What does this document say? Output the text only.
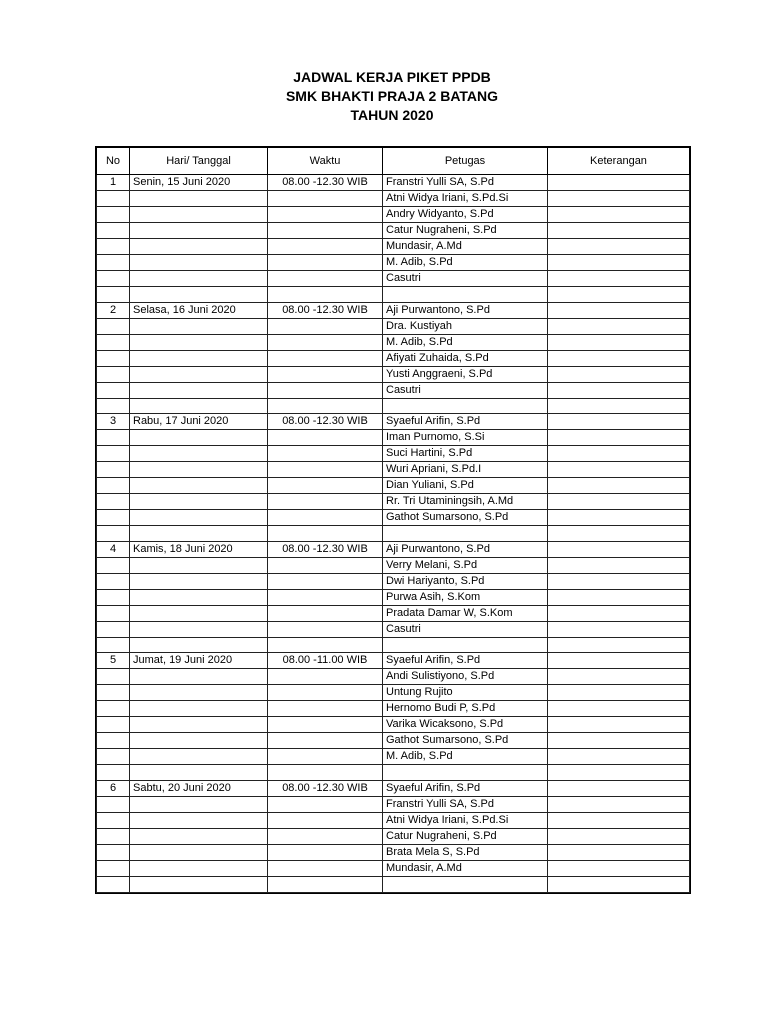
JADWAL KERJA PIKET PPDB
SMK BHAKTI PRAJA 2 BATANG
TAHUN 2020
No	Hari/ Tanggal	Waktu	Petugas	Keterangan
1	Senin, 15 Juni 2020	08.00 -12.30 WIB	Franstri Yulli SA, S.Pd	
			Atni Widya Iriani, S.Pd.Si	
			Andry Widyanto, S.Pd	
			Catur Nugraheni, S.Pd	
			Mundasir, A.Md	
			M. Adib, S.Pd	
			Casutri	

2	Selasa, 16 Juni 2020	08.00 -12.30 WIB	Aji Purwantono, S.Pd	
			Dra. Kustiyah	
			M. Adib, S.Pd	
			Afiyati Zuhaida, S.Pd	
			Yusti Anggraeni, S.Pd	
			Casutri	

3	Rabu, 17 Juni 2020	08.00 -12.30 WIB	Syaeful Arifin, S.Pd	
			Iman Purnomo, S.Si	
			Suci Hartini, S.Pd	
			Wuri Apriani, S.Pd.I	
			Dian Yuliani, S.Pd	
			Rr. Tri Utaminingsih, A.Md	
			Gathot Sumarsono, S.Pd	

4	Kamis, 18 Juni 2020	08.00 -12.30 WIB	Aji Purwantono, S.Pd	
			Verry Melani, S.Pd	
			Dwi Hariyanto, S.Pd	
			Purwa Asih, S.Kom	
			Pradata Damar W, S.Kom	
			Casutri	

5	Jumat, 19 Juni 2020	08.00 -11.00 WIB	Syaeful Arifin, S.Pd	
			Andi Sulistiyono, S.Pd	
			Untung Rujito	
			Hernomo Budi P, S.Pd	
			Varika Wicaksono, S.Pd	
			Gathot Sumarsono, S.Pd	
			M. Adib, S.Pd	

6	Sabtu, 20 Juni 2020	08.00 -12.30 WIB	Syaeful Arifin, S.Pd	
			Franstri Yulli SA, S.Pd	
			Atni Widya Iriani, S.Pd.Si	
			Catur Nugraheni, S.Pd	
			Brata Mela S, S.Pd	
			Mundasir, A.Md	
